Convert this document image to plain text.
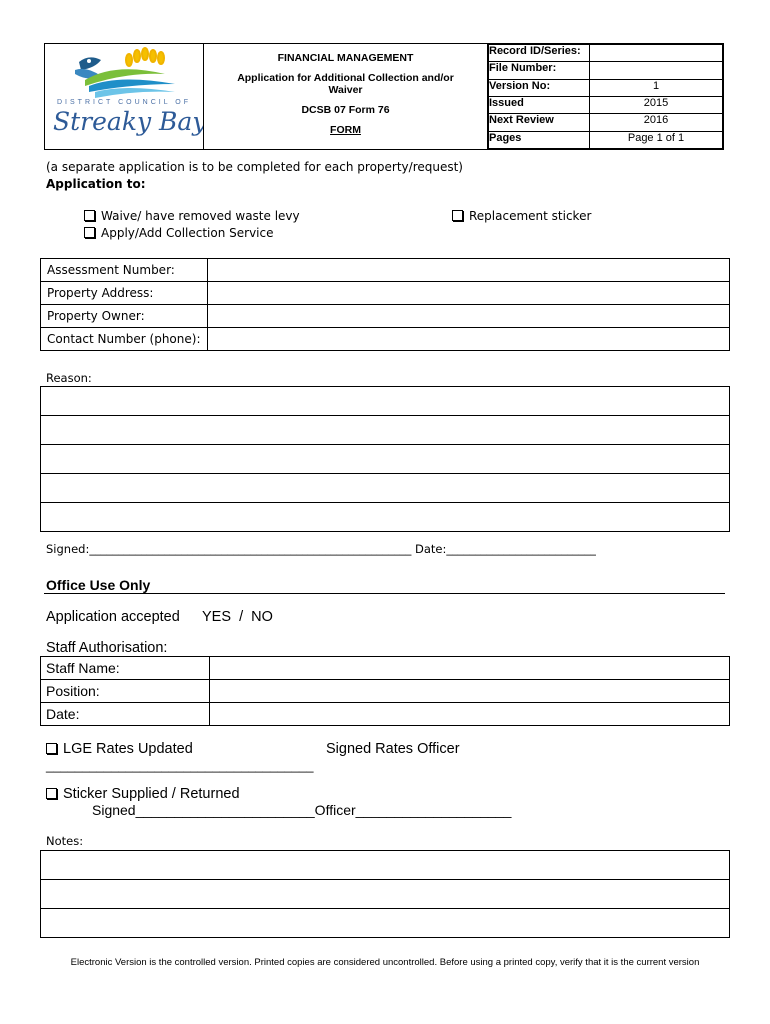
DISTRICT COUNCIL OF
Streaky Bay

FINANCIAL MANAGEMENT
Application for Additional Collection and/or Waiver
DCSB 07 Form 76
FORM

Record ID/Series:	
File Number:	
Version No:	1
Issued	2015
Next Review	2016
Pages	Page 1 of 1
(a separate application is to be completed for each property/request)
Application to:
Waive/ have removed waste levy
Apply/Add Collection Service
Replacement sticker
Assessment Number:	
Property Address:	
Property Owner:	
Contact Number (phone):	
Reason:

Signed:________________________________________________________ Date:__________________________
Office Use Only
Application accepted YES  /  NO
Staff Authorisation:
Staff Name:	
Position:	
Date:	
LGE Rates Updated	Signed Rates Officer
_____________________________________
Sticker Supplied / Returned
Signed_______________________Officer____________________
Notes:

Electronic Version is the controlled version. Printed copies are considered uncontrolled. Before using a printed copy, verify that it is the current version
